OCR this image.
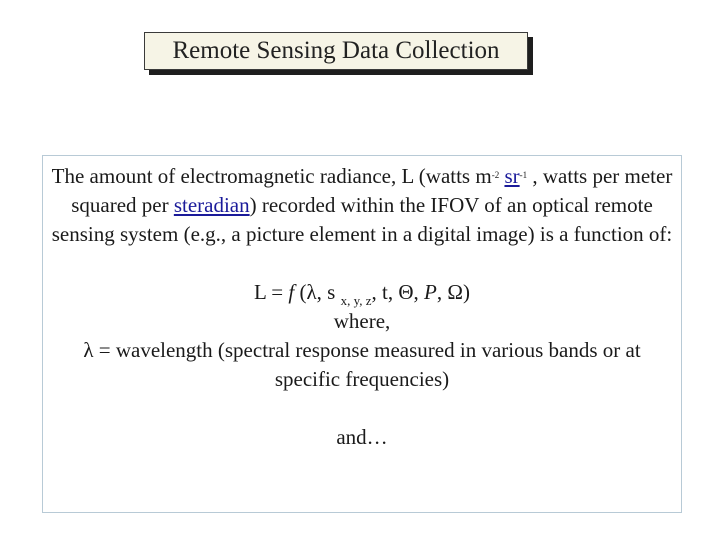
Remote Sensing Data Collection

The amount of electromagnetic radiance, L (watts $m^{-2}$ $sr^{-1}$ , watts per meter squared per steradian) recorded within the IFOV of an optical remote sensing system (e.g., a picture element in a digital image) is a function of:

L = f (λ, s $_{x, y, z}$, t, Θ, P, Ω)

where,

λ = wavelength (spectral response measured in various bands or at specific frequencies)

and…
